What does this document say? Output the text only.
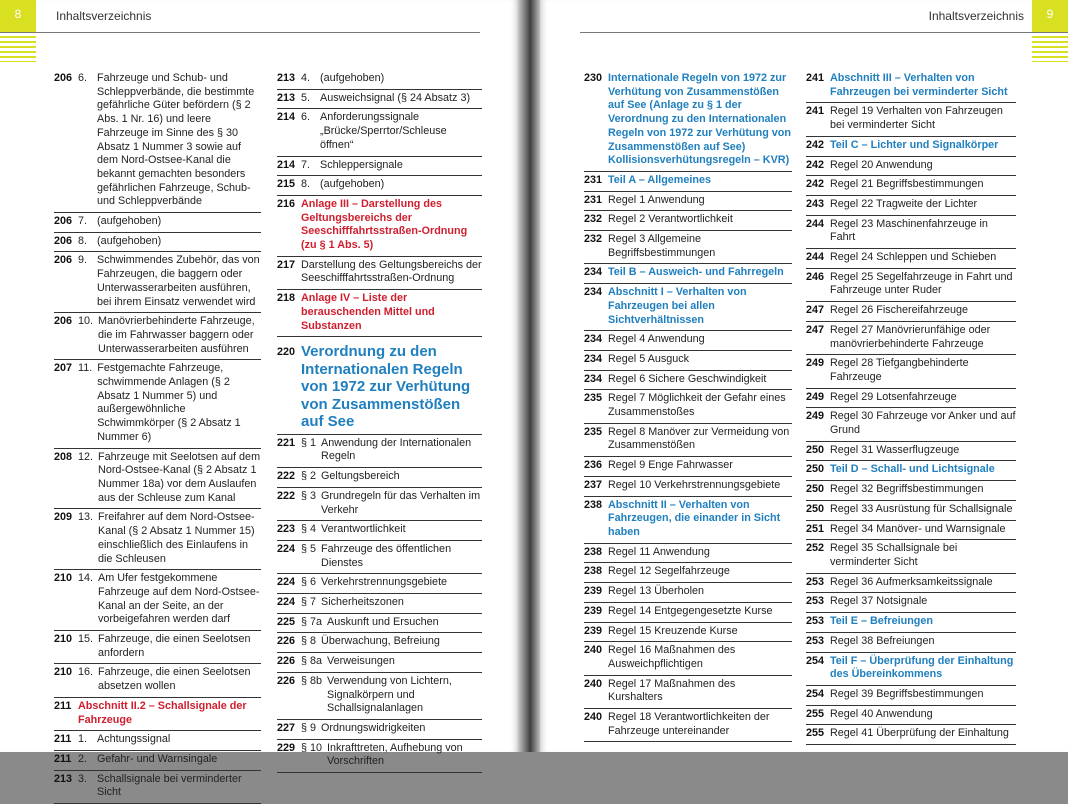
8	Inhaltsverzeichnis
206 6. Fahrzeuge und Schub- und Schleppverbände, die bestimmte gefährliche Güter befördern (§ 2 Abs. 1 Nr. 16) und leere Fahrzeuge im Sinne des § 30 Absatz 1 Nummer 3 sowie auf dem Nord-Ostsee-Kanal die bekannt gemachten besonders gefährlichen Fahrzeuge, Schub- und Schleppverbände
206 7. (aufgehoben)
206 8. (aufgehoben)
206 9. Schwimmendes Zubehör, das von Fahrzeugen, die baggern oder Unterwasserarbeiten ausführen, bei ihrem Einsatz verwendet wird
206 10. Manövrierbehinderte Fahrzeuge, die im Fahrwasser baggern oder Unterwasserarbeiten ausführen
207 11. Festgemachte Fahrzeuge, schwimmende Anlagen (§ 2 Absatz 1 Nummer 5) und außergewöhnliche Schwimmkörper (§ 2 Absatz 1 Nummer 6)
208 12. Fahrzeuge mit Seelotsen auf dem Nord-Ostsee-Kanal (§ 2 Absatz 1 Nummer 18a) vor dem Auslaufen aus der Schleuse zum Kanal
209 13. Freifahrer auf dem Nord-Ostsee-Kanal (§ 2 Absatz 1 Nummer 15) einschließlich des Einlaufens in die Schleusen
210 14. Am Ufer festgekommene Fahrzeuge auf dem Nord-Ostsee-Kanal an der Seite, an der vorbeigefahren werden darf
210 15. Fahrzeuge, die einen Seelotsen anfordern
210 16. Fahrzeuge, die einen Seelotsen absetzen wollen
211 Abschnitt II.2 – Schallsignale der Fahrzeuge
211 1. Achtungssignal
211 2. Gefahr- und Warnsingale
213 3. Schallsignale bei verminderter Sicht
213 4. (aufgehoben)
213 5. Ausweichsignal (§ 24 Absatz 3)
214 6. Anforderungssignale „Brücke/Sperrtor/Schleuse öffnen“
214 7. Schleppersignale
215 8. (aufgehoben)
216 Anlage III – Darstellung des Geltungsbereichs der Seeschifffahrtsstraßen-Ordnung (zu § 1 Abs. 5)
217 Darstellung des Geltungsbereichs der Seeschifffahrtsstraßen-Ordnung
218 Anlage IV – Liste der berauschenden Mittel und Substanzen
220 Verordnung zu den Internationalen Regeln von 1972 zur Verhütung von Zusammenstößen auf See
221 § 1 Anwendung der Internationalen Regeln
222 § 2 Geltungsbereich
222 § 3 Grundregeln für das Verhalten im Verkehr
223 § 4 Verantwortlichkeit
224 § 5 Fahrzeuge des öffentlichen Dienstes
224 § 6 Verkehrstrennungsgebiete
224 § 7 Sicherheitszonen
225 § 7a Auskunft und Ersuchen
226 § 8 Überwachung, Befreiung
226 § 8a Verweisungen
226 § 8b Verwendung von Lichtern, Signalkörpern und Schallsignalanlagen
227 § 9 Ordnungswidrigkeiten
229 § 10 Inkrafttreten, Aufhebung von Vorschriften
Inhaltsverzeichnis	9
230 Internationale Regeln von 1972 zur Verhütung von Zusammenstößen auf See (Anlage zu § 1 der Verordnung zu den Internationalen Regeln von 1972 zur Verhütung von Zusammenstößen auf See) Kollisionsverhütungsregeln – KVR)
231 Teil A – Allgemeines
231 Regel 1 Anwendung
232 Regel 2 Verantwortlichkeit
232 Regel 3 Allgemeine Begriffsbestimmungen
234 Teil B – Ausweich- und Fahrregeln
234 Abschnitt I – Verhalten von Fahrzeugen bei allen Sichtverhältnissen
234 Regel 4 Anwendung
234 Regel 5 Ausguck
234 Regel 6 Sichere Geschwindigkeit
235 Regel 7 Möglichkeit der Gefahr eines Zusammenstoßes
235 Regel 8 Manöver zur Vermeidung von Zusammenstößen
236 Regel 9 Enge Fahrwasser
237 Regel 10 Verkehrstrennungsgebiete
238 Abschnitt II – Verhalten von Fahrzeugen, die einander in Sicht haben
238 Regel 11 Anwendung
238 Regel 12 Segelfahrzeuge
239 Regel 13 Überholen
239 Regel 14 Entgegengesetzte Kurse
239 Regel 15 Kreuzende Kurse
240 Regel 16 Maßnahmen des Ausweichpflichtigen
240 Regel 17 Maßnahmen des Kurshalters
240 Regel 18 Verantwortlichkeiten der Fahrzeuge untereinander
241 Abschnitt III – Verhalten von Fahrzeugen bei verminderter Sicht
241 Regel 19 Verhalten von Fahrzeugen bei verminderter Sicht
242 Teil C – Lichter und Signalkörper
242 Regel 20 Anwendung
242 Regel 21 Begriffsbestimmungen
243 Regel 22 Tragweite der Lichter
244 Regel 23 Maschinenfahrzeuge in Fahrt
244 Regel 24 Schleppen und Schieben
246 Regel 25 Segelfahrzeuge in Fahrt und Fahrzeuge unter Ruder
247 Regel 26 Fischereifahrzeuge
247 Regel 27 Manövrierunfähige oder manövrierbehinderte Fahrzeuge
249 Regel 28 Tiefgangbehinderte Fahrzeuge
249 Regel 29 Lotsenfahrzeuge
249 Regel 30 Fahrzeuge vor Anker und auf Grund
250 Regel 31 Wasserflugzeuge
250 Teil D – Schall- und Lichtsignale
250 Regel 32 Begriffsbestimmungen
250 Regel 33 Ausrüstung für Schallsignale
251 Regel 34 Manöver- und Warnsignale
252 Regel 35 Schallsignale bei verminderter Sicht
253 Regel 36 Aufmerksamkeitssignale
253 Regel 37 Notsignale
253 Teil E – Befreiungen
253 Regel 38 Befreiungen
254 Teil F – Überprüfung der Einhaltung des Übereinkommens
254 Regel 39 Begriffsbestimmungen
255 Regel 40 Anwendung
255 Regel 41 Überprüfung der Einhaltung
